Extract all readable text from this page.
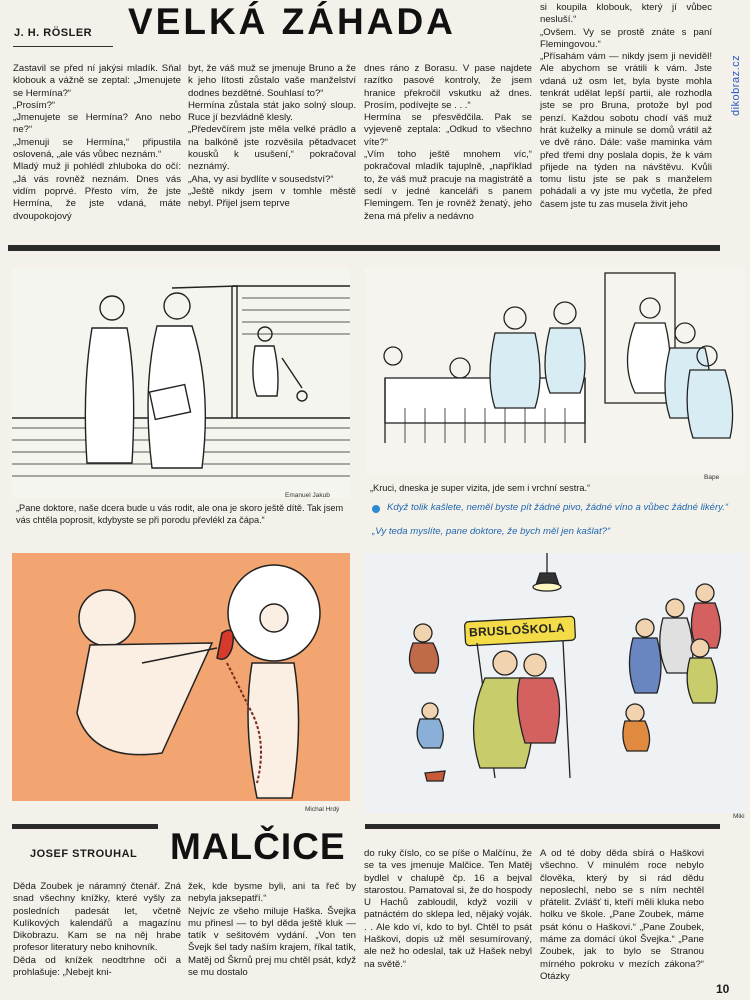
dikobraz.cz
J. H. RÖSLER VELKÁ ZÁHADA
Zastavil se před ní jakýsi mladík. Sňal klobouk a vážně se zeptal: „Jmenujete se Hermína?“
„Prosím?“
„Jmenujete se Hermína? Ano nebo ne?“
„Jmenuji se Hermína,“ připustila oslovená, „ale vás vůbec neznám.“
Mladý muž ji pohlédl zhluboka do očí: „Já vás rovněž neznám. Dnes vás vidím poprvé. Přesto vím, že jste Hermína, že jste vdaná, máte dvoupokojový
byt, že váš muž se jmenuje Bruno a že k jeho lítosti zůstalo vaše manželství dodnes bezdětné. Souhlasí to?“
Hermína zůstala stát jako solný sloup. Ruce jí bezvládně klesly.
„Předevčírem jste měla velké prádlo a na balkóně jste rozvěsila pětadvacet kousků k usušení,“ pokračoval neznámý.
„Aha, vy asi bydlíte v sousedství?“
„Ještě nikdy jsem v tomhle městě nebyl. Přijel jsem teprve
dnes ráno z Borasu. V pase najdete razítko pasové kontroly, že jsem hranice překročil vskutku až dnes. Prosím, podívejte se . . .“
Hermína se přesvědčila. Pak se vyjeveně zeptala: „Odkud to všechno víte?“
„Vím toho ještě mnohem víc,“ pokračoval mladík tajuplně, „například to, že váš muž pracuje na magistrátě a sedí v jedné kanceláři s panem Flemingem. Ten je rovněž ženatý, jeho žena má přeliv a nedávno
si koupila klobouk, který jí vůbec nesluší.“
„Ovšem. Vy se prostě znáte s paní Flemingovou.“
„Přísahám vám — nikdy jsem ji neviděl! Ale abychom se vrátili k vám. Jste vdaná už osm let, byla byste mohla tenkrát udělat lepší partii, ale rozhodla jste se pro Bruna, protože byl pod penzí. Každou sobotu chodí váš muž hrát kuželky a minule se domů vrátil až ve dvě ráno. Dále: vaše maminka vám před třemi dny poslala dopis, že k vám přijede na týden na návštěvu. Kvůli tomu listu jste se pak s manželem pohádali a vy jste mu vyčetla, že před časem jste tu zas musela živit jeho
Emanuel Jakub
„Pane doktore, naše dcera bude u vás rodit, ale ona je skoro ještě dítě. Tak jsem vás chtěla poprosit, kdybyste se při porodu převlékl za čápa.“
Bape
„Kruci, dneska je super vizita, jde sem i vrchní sestra.“
Když tolik kašlete, neměl byste pít žádné pivo, žádné víno a vůbec žádné likéry.“
„Vy teda myslíte, pane doktore, že bych měl jen kašlat?“
Michal Hrdý
BRUSLOŠKOLA
Miki
JOSEF STROUHAL MALČICE
Děda Zoubek je náramný čtenář. Zná snad všechny knížky, které vyšly za posledních padesát let, včetně Kulíkových kalendářů a magazínu Dikobrazu. Kam se na něj hrabe profesor literatury nebo knihovník.
Děda od knížek neodtrhne oči a prohlašuje: „Nebejt kni-
žek, kde bysme byli, ani ta řeč by nebyla jaksepatří.“
Nejvíc ze všeho miluje Haška. Švejka mu přinesl — to byl děda ještě kluk — tatík v sešitovém vydání. „Von ten Švejk šel tady naším krajem, říkal tatík, Matěj od Škrnů prej mu chtěl psát, když se mu dostalo
do ruky číslo, co se píše o Malčínu, že se ta ves jmenuje Malčice. Ten Matěj bydlel v chalupě čp. 16 a bejval starostou. Pamatoval si, že do hospody U Hachů zabloudil, když vozili v patnáctém do sklepa led, nějaký voják. . . Ale kdo ví, kdo to byl. Chtěl to psát Haškovi, dopis už měl sesumírovaný, ale než ho odeslal, tak už Hašek nebyl na světě.“
A od té doby děda sbírá o Haškovi všechno. V minulém roce nebylo člověka, který by si rád dědu neposlechl, nebo se s ním nechtěl přátelit. Zvlášť ti, kteří měli kluka nebo holku ve škole. „Pane Zoubek, máme psát kónu o Haškovi.“ „Pane Zoubek, máme za domácí úkol Švejka.“ „Pane Zoubek, jak to bylo se Stranou mírného pokroku v mezích zákona?“ Otázky
10
